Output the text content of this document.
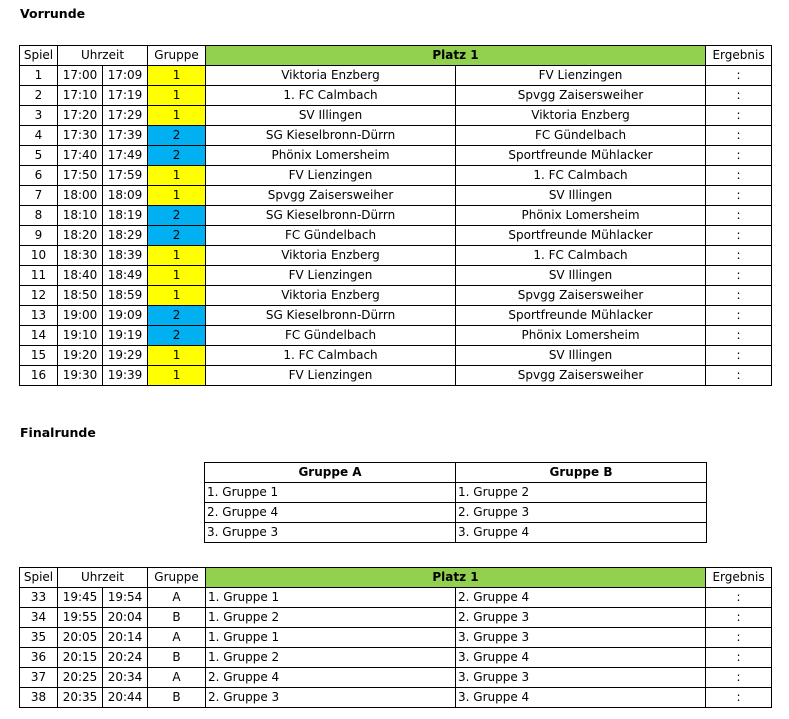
Vorrunde
Spiel	Uhrzeit		Gruppe	Platz 1		Ergebnis
1	17:00	17:09	1	Viktoria Enzberg	FV Lienzingen	:
2	17:10	17:19	1	1. FC Calmbach	Spvgg Zaisersweiher	:
3	17:20	17:29	1	SV Illingen	Viktoria Enzberg	:
4	17:30	17:39	2	SG Kieselbronn-Dürrn	FC Gündelbach	:
5	17:40	17:49	2	Phönix Lomersheim	Sportfreunde Mühlacker	:
6	17:50	17:59	1	FV Lienzingen	1. FC Calmbach	:
7	18:00	18:09	1	Spvgg Zaisersweiher	SV Illingen	:
8	18:10	18:19	2	SG Kieselbronn-Dürrn	Phönix Lomersheim	:
9	18:20	18:29	2	FC Gündelbach	Sportfreunde Mühlacker	:
10	18:30	18:39	1	Viktoria Enzberg	1. FC Calmbach	:
11	18:40	18:49	1	FV Lienzingen	SV Illingen	:
12	18:50	18:59	1	Viktoria Enzberg	Spvgg Zaisersweiher	:
13	19:00	19:09	2	SG Kieselbronn-Dürrn	Sportfreunde Mühlacker	:
14	19:10	19:19	2	FC Gündelbach	Phönix Lomersheim	:
15	19:20	19:29	1	1. FC Calmbach	SV Illingen	:
16	19:30	19:39	1	FV Lienzingen	Spvgg Zaisersweiher	:
Finalrunde
Gruppe A	Gruppe B
1. Gruppe 1	1. Gruppe 2
2. Gruppe 4	2. Gruppe 3
3. Gruppe 3	3. Gruppe 4
Spiel	Uhrzeit		Gruppe	Platz 1		Ergebnis
33	19:45	19:54	A	1. Gruppe 1	2. Gruppe 4	:
34	19:55	20:04	B	1. Gruppe 2	2. Gruppe 3	:
35	20:05	20:14	A	1. Gruppe 1	3. Gruppe 3	:
36	20:15	20:24	B	1. Gruppe 2	3. Gruppe 4	:
37	20:25	20:34	A	2. Gruppe 4	3. Gruppe 3	:
38	20:35	20:44	B	2. Gruppe 3	3. Gruppe 4	:
